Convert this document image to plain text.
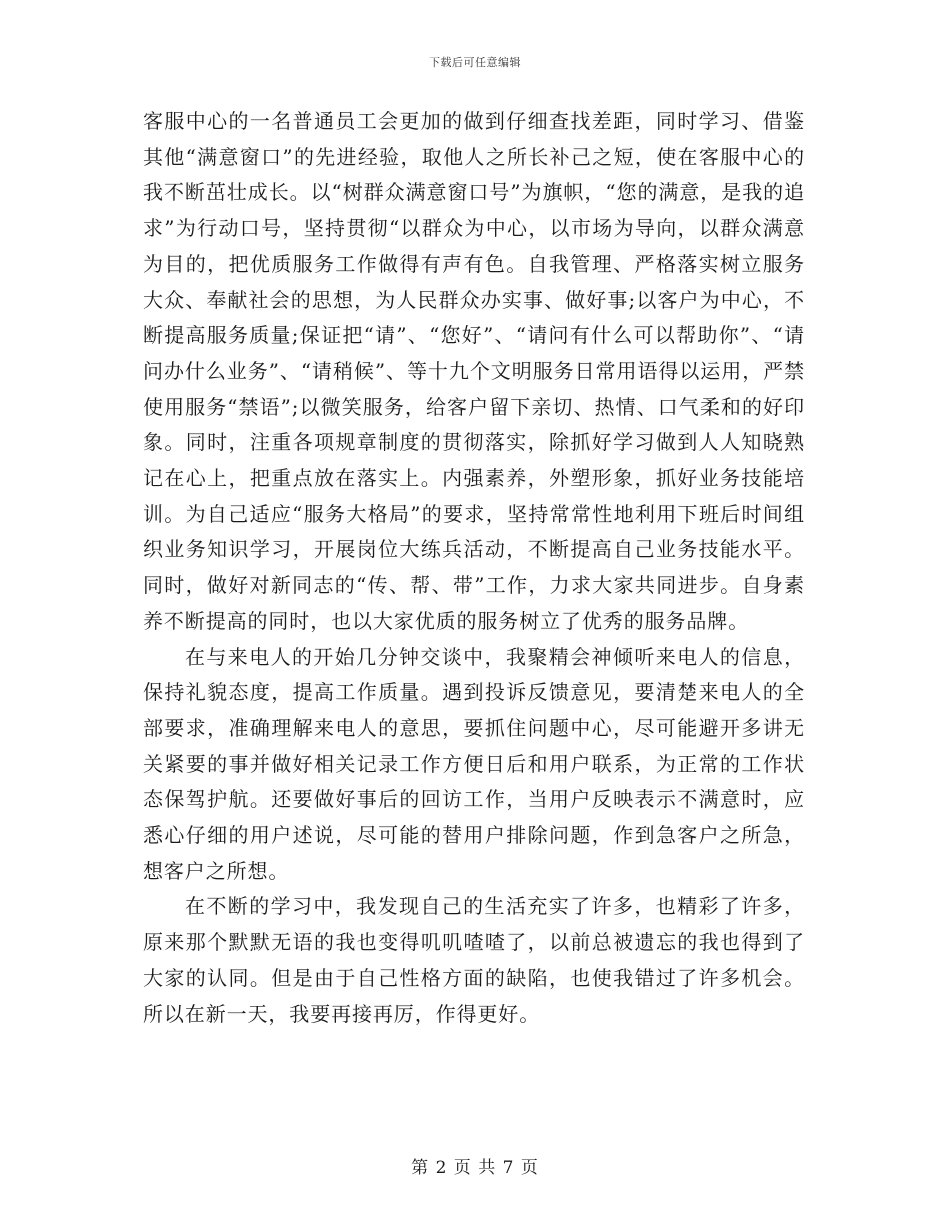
下载后可任意编辑

客服中心的一名普通员工会更加的做到仔细查找差距，同时学习、借鉴其他“满意窗口”的先进经验，取他人之所长补己之短，使在客服中心的我不断茁壮成长。以“树群众满意窗口号”为旗帜，“您的满意，是我的追求”为行动口号，坚持贯彻“以群众为中心，以市场为导向，以群众满意为目的，把优质服务工作做得有声有色。自我管理、严格落实树立服务大众、奉献社会的思想，为人民群众办实事、做好事;以客户为中心，不断提高服务质量;保证把“请”、“您好”、“请问有什么可以帮助你”、“请问办什么业务”、“请稍候”、等十九个文明服务日常用语得以运用，严禁使用服务“禁语”;以微笑服务，给客户留下亲切、热情、口气柔和的好印象。同时，注重各项规章制度的贯彻落实，除抓好学习做到人人知晓熟记在心上，把重点放在落实上。内强素养，外塑形象，抓好业务技能培训。为自己适应“服务大格局”的要求，坚持常常性地利用下班后时间组织业务知识学习，开展岗位大练兵活动，不断提高自己业务技能水平。同时，做好对新同志的“传、帮、带”工作，力求大家共同进步。自身素养不断提高的同时，也以大家优质的服务树立了优秀的服务品牌。

在与来电人的开始几分钟交谈中，我聚精会神倾听来电人的信息，保持礼貌态度，提高工作质量。遇到投诉反馈意见，要清楚来电人的全部要求，准确理解来电人的意思，要抓住问题中心，尽可能避开多讲无关紧要的事并做好相关记录工作方便日后和用户联系，为正常的工作状态保驾护航。还要做好事后的回访工作，当用户反映表示不满意时，应悉心仔细的用户述说，尽可能的替用户排除问题，作到急客户之所急，想客户之所想。

在不断的学习中，我发现自己的生活充实了许多，也精彩了许多，原来那个默默无语的我也变得叽叽喳喳了，以前总被遗忘的我也得到了大家的认同。但是由于自己性格方面的缺陷，也使我错过了许多机会。所以在新一天，我要再接再厉，作得更好。

第 2 页 共 7 页
